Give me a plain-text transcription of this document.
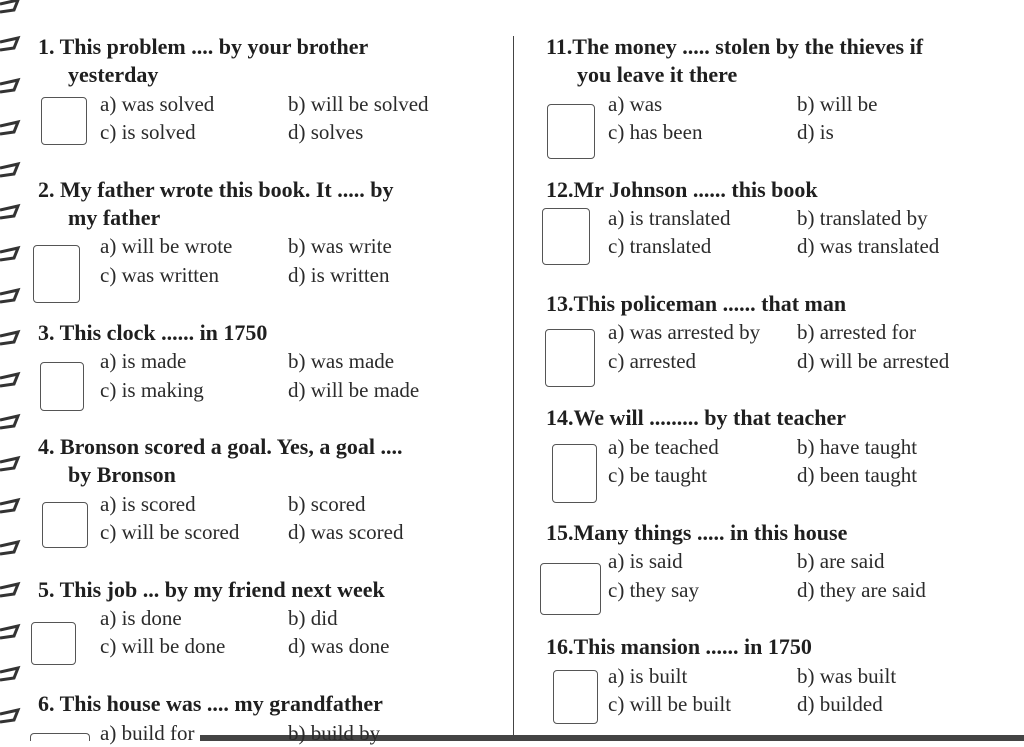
1. This problem .... by your brother
yesterday
a) was solved	b) will be solved
c) is solved	d) solves
2. My father wrote this book. It ..... by
my father
a) will be wrote	b) was write
c) was written	d) is written
3. This clock ...... in 1750
a) is made	b) was made
c) is making	d) will be made
4. Bronson scored a goal. Yes, a goal ....
by Bronson
a) is scored	b) scored
c) will be scored d) was scored
5. This job ... by my friend next week
a) is done	b) did
c) will be done	d) was done
6. This house was .... my grandfather
a) build for	b) build by
11.The money ..... stolen by the thieves if
you leave it there
a) was	b) will be
c) has been	d) is
12.Mr Johnson ...... this book
a) is translated	b) translated by
c) translated	d) was translated
13.This policeman ...... that man
a) was arrested by b) arrested for
c) arrested	d) will be arrested
14.We will ......... by that teacher
a) be teached	b) have taught
c) be taught	d) been taught
15.Many things ..... in this house
a) is said	b) are said
c) they say	d) they are said
16.This mansion ...... in 1750
a) is built	b) was built
c) will be built	d) builded
